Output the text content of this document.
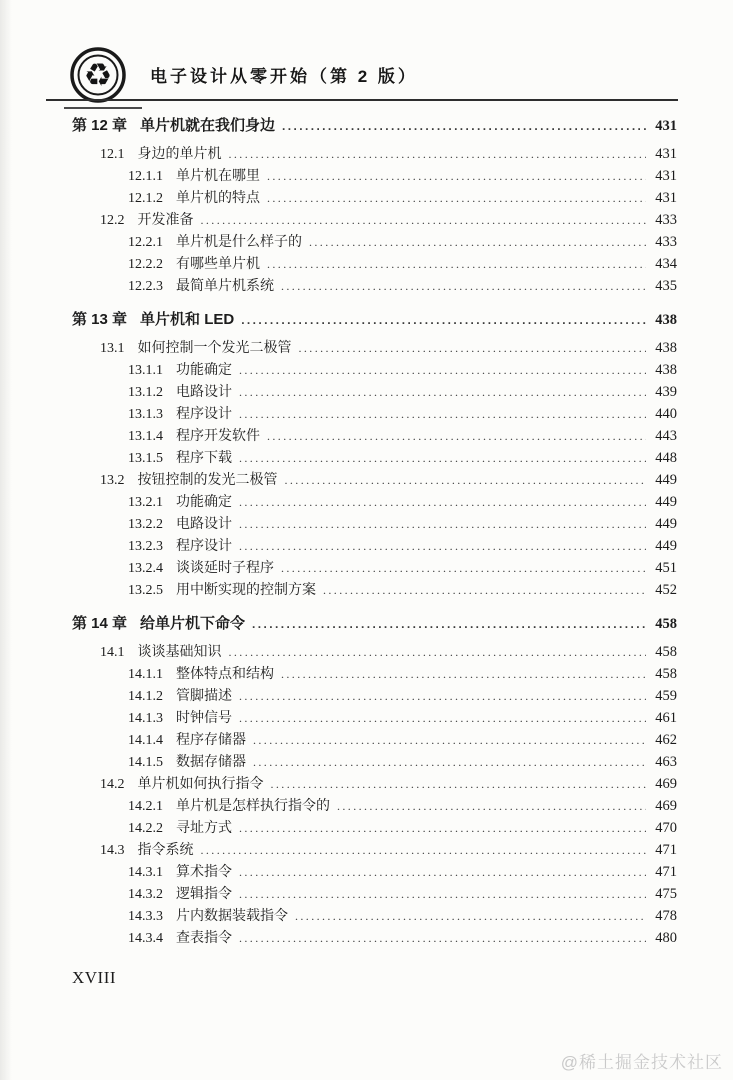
♻ 电子设计从零开始（第 2 版）
第 12 章 单片机就在我们身边 .....	431
12.1 身边的单片机 .....	431
12.1.1 单片机在哪里 .....	431
12.1.2 单片机的特点 .....	431
12.2 开发准备 .....	433
12.2.1 单片机是什么样子的 .....	433
12.2.2 有哪些单片机 .....	434
12.2.3 最简单片机系统 .....	435
第 13 章 单片机和 LED .....	438
13.1 如何控制一个发光二极管 .....	438
13.1.1 功能确定 .....	438
13.1.2 电路设计 .....	439
13.1.3 程序设计 .....	440
13.1.4 程序开发软件 .....	443
13.1.5 程序下载 .....	448
13.2 按钮控制的发光二极管 .....	449
13.2.1 功能确定 .....	449
13.2.2 电路设计 .....	449
13.2.3 程序设计 .....	449
13.2.4 谈谈延时子程序 .....	451
13.2.5 用中断实现的控制方案 .....	452
第 14 章 给单片机下命令 .....	458
14.1 谈谈基础知识 .....	458
14.1.1 整体特点和结构 .....	458
14.1.2 管脚描述 .....	459
14.1.3 时钟信号 .....	461
14.1.4 程序存储器 .....	462
14.1.5 数据存储器 .....	463
14.2 单片机如何执行指令 .....	469
14.2.1 单片机是怎样执行指令的 .....	469
14.2.2 寻址方式 .....	470
14.3 指令系统 .....	471
14.3.1 算术指令 .....	471
14.3.2 逻辑指令 .....	475
14.3.3 片内数据装载指令 .....	478
14.3.4 查表指令 .....	480
XVIII
@稀土掘金技术社区
